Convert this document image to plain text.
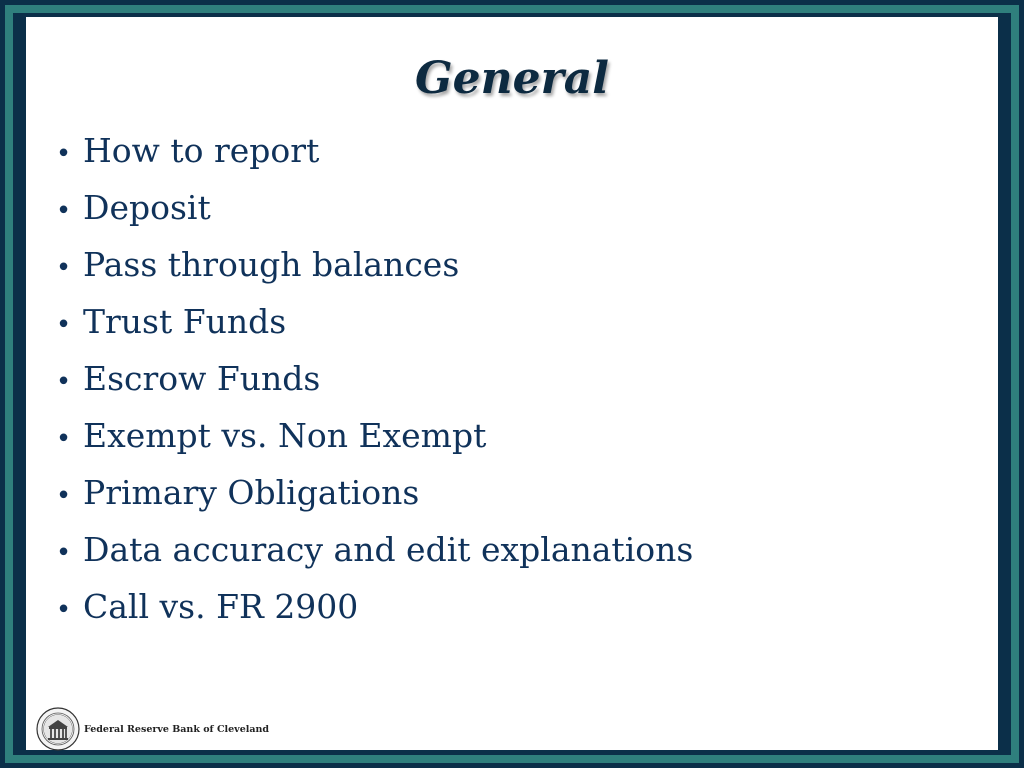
General
• How to report
• Deposit
• Pass through balances
• Trust Funds
• Escrow Funds
• Exempt vs. Non Exempt
• Primary Obligations
• Data accuracy and edit explanations
• Call vs. FR 2900
Federal Reserve Bank of Cleveland
